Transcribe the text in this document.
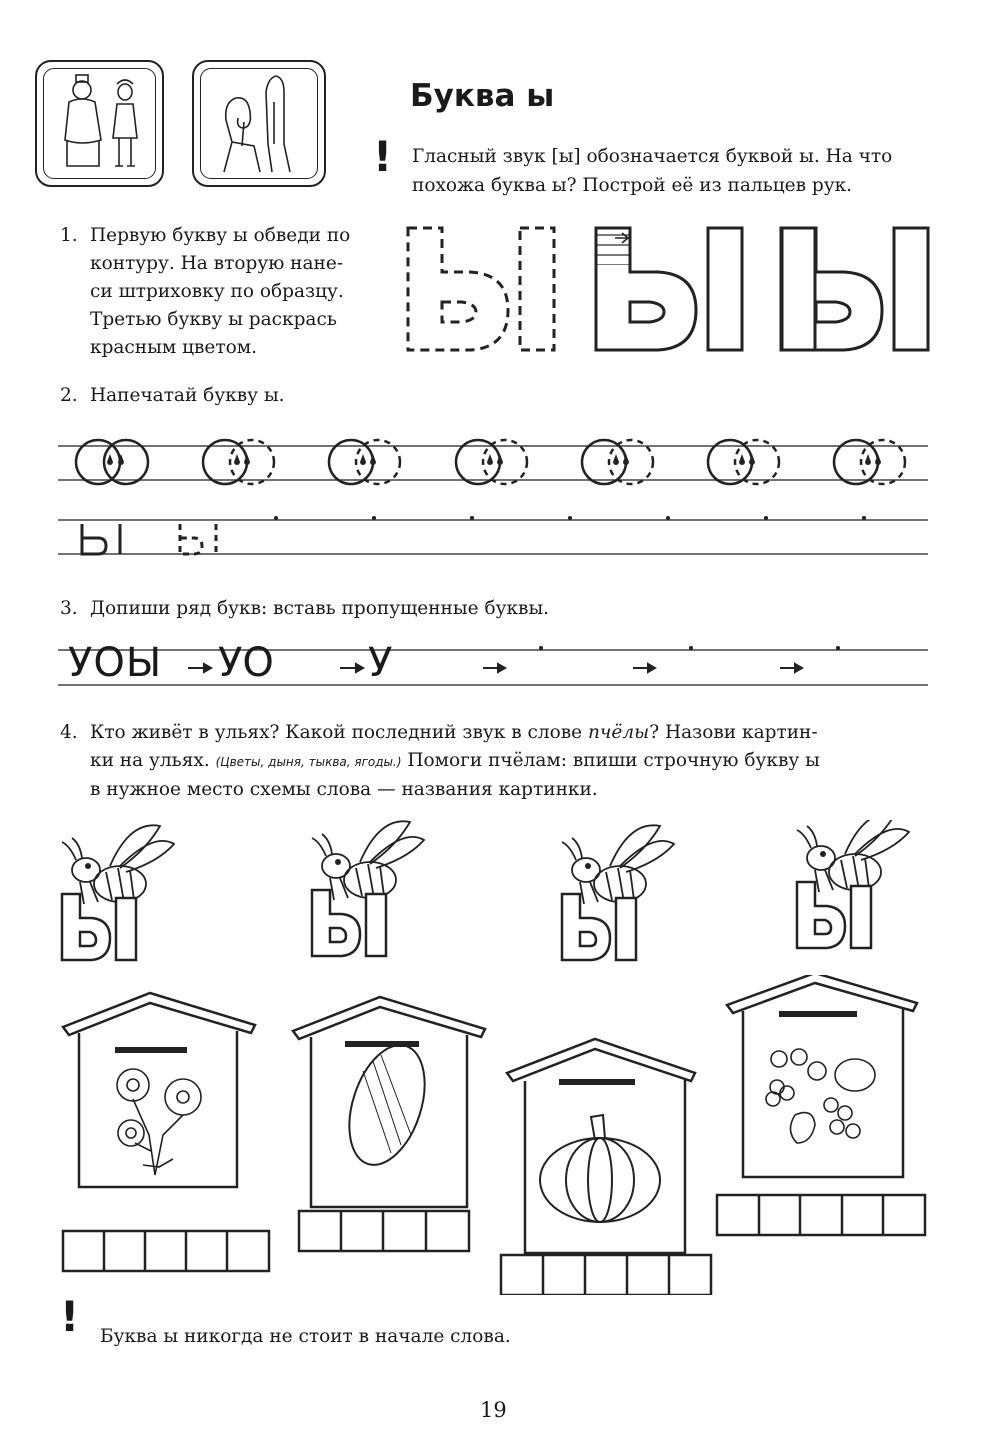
Буква ы
! Гласный звук [ы] обозначается буквой ы. На что
похожа буква ы? Построй её из пальцев рук.
1. Первую букву ы обведи по
контуру. На вторую нане-
си штриховку по образцу.
Третью букву ы раскрась
красным цветом.
2. Напечатай букву ы.
3. Допиши ряд букв: вставь пропущенные буквы.
УОЫ УО У
4. Кто живёт в ульях? Какой последний звук в слове пчёлы? Назови картин-
ки на ульях. (Цветы, дыня, тыква, ягоды.) Помоги пчёлам: впиши строчную букву ы
в нужное место схемы слова — названия картинки.
! Буква ы никогда не стоит в начале слова.
19
